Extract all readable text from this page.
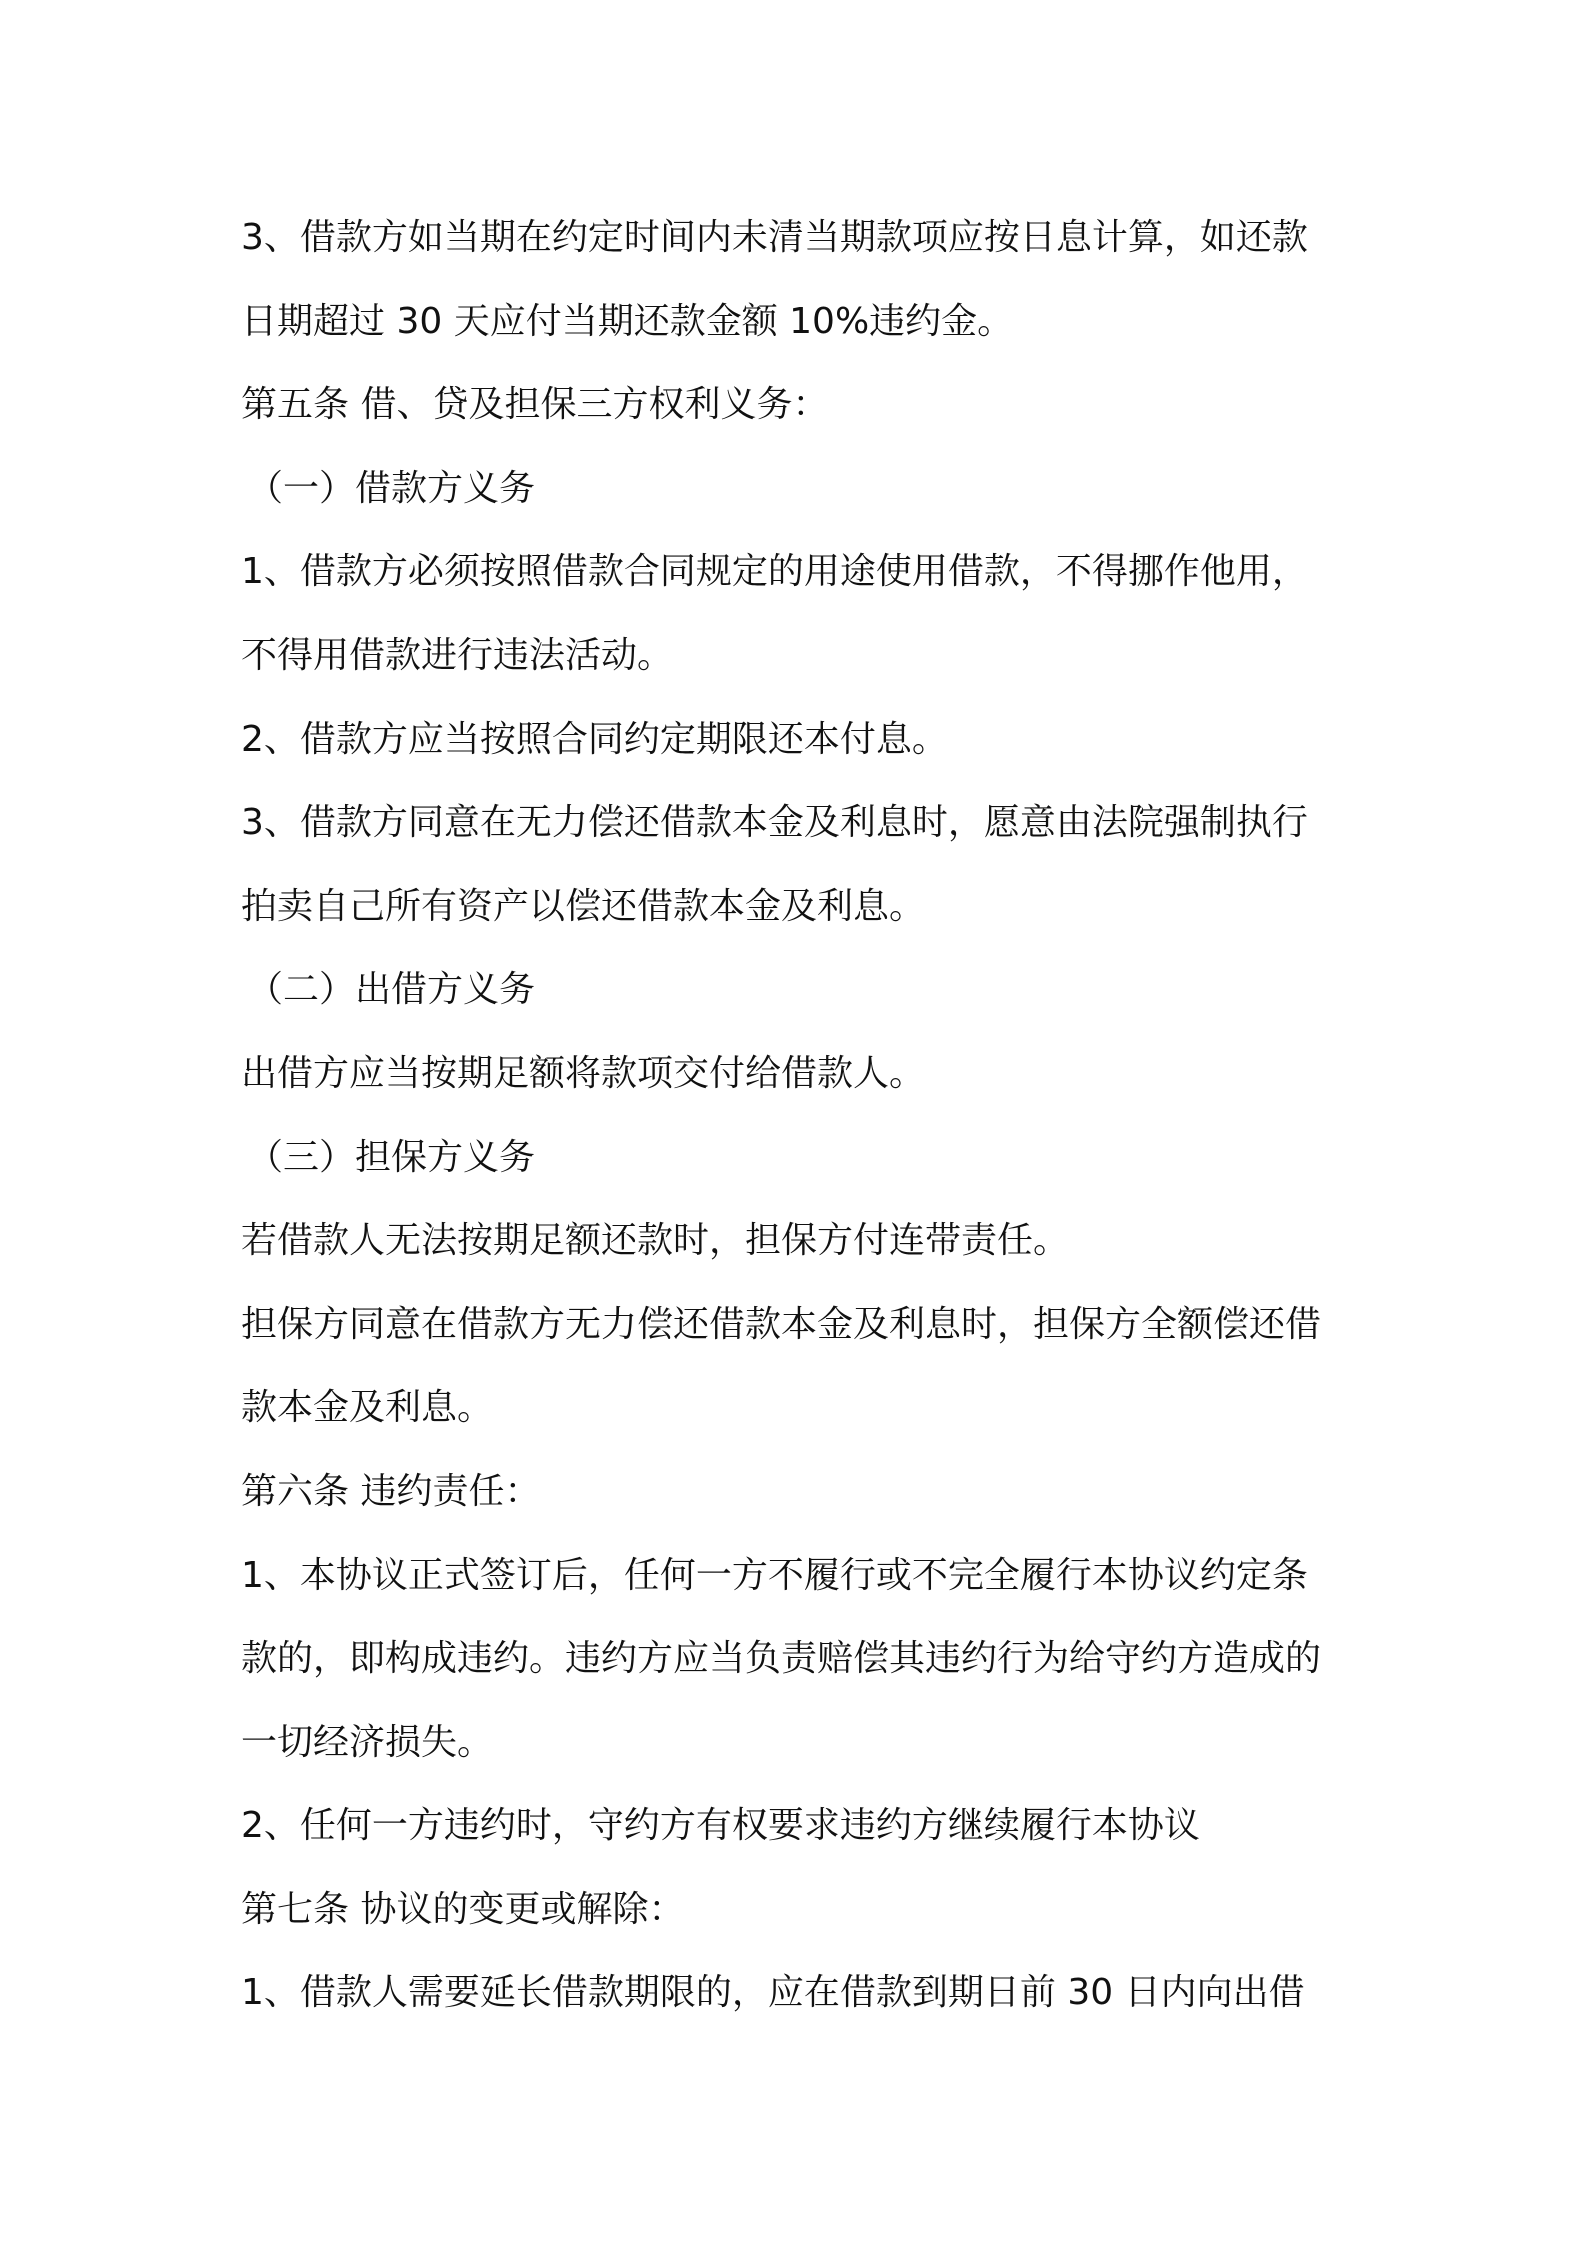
3、借款方如当期在约定时间内未清当期款项应按日息计算，如还款
日期超过 30 天应付当期还款金额 10%违约金。
第五条 借、贷及担保三方权利义务：
（一）借款方义务
1、借款方必须按照借款合同规定的用途使用借款，不得挪作他用，
不得用借款进行违法活动。
2、借款方应当按照合同约定期限还本付息。
3、借款方同意在无力偿还借款本金及利息时，愿意由法院强制执行
拍卖自己所有资产以偿还借款本金及利息。
（二）出借方义务
出借方应当按期足额将款项交付给借款人。
（三）担保方义务
若借款人无法按期足额还款时，担保方付连带责任。
担保方同意在借款方无力偿还借款本金及利息时，担保方全额偿还借
款本金及利息。
第六条 违约责任：
1、本协议正式签订后，任何一方不履行或不完全履行本协议约定条
款的，即构成违约。违约方应当负责赔偿其违约行为给守约方造成的
一切经济损失。
2、任何一方违约时，守约方有权要求违约方继续履行本协议
第七条 协议的变更或解除：
1、借款人需要延长借款期限的，应在借款到期日前 30 日内向出借
